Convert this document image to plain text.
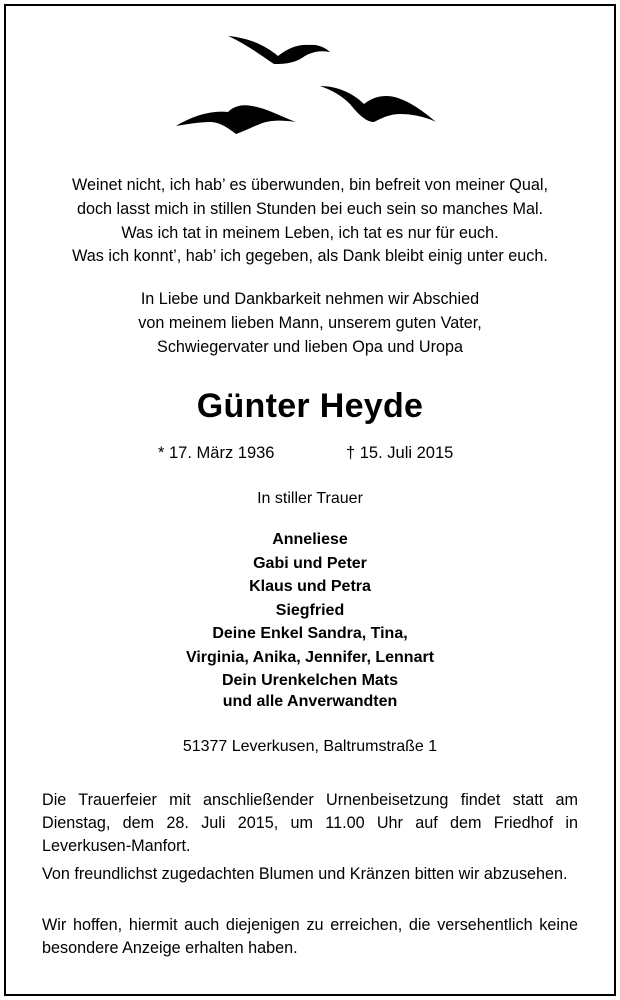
Weinet nicht, ich hab’ es überwunden, bin befreit von meiner Qual,
doch lasst mich in stillen Stunden bei euch sein so manches Mal.
Was ich tat in meinem Leben, ich tat es nur für euch.
Was ich konnt’, hab’ ich gegeben, als Dank bleibt einig unter euch.
In Liebe und Dankbarkeit nehmen wir Abschied
von meinem lieben Mann, unserem guten Vater,
Schwiegervater und lieben Opa und Uropa
Günter Heyde
* 17. März 1936	† 15. Juli 2015
In stiller Trauer
Anneliese
Gabi und Peter
Klaus und Petra
Siegfried
Deine Enkel Sandra, Tina,
Virginia, Anika, Jennifer, Lennart
Dein Urenkelchen Mats
und alle Anverwandten
51377 Leverkusen, Baltrumstraße 1
Die Trauerfeier mit anschließender Urnenbeisetzung findet statt am Dienstag, dem 28. Juli 2015, um 11.00 Uhr auf dem Friedhof in Leverkusen-Manfort.
Von freundlichst zugedachten Blumen und Kränzen bitten wir abzusehen.
Wir hoffen, hiermit auch diejenigen zu erreichen, die versehentlich keine besondere Anzeige erhalten haben.
